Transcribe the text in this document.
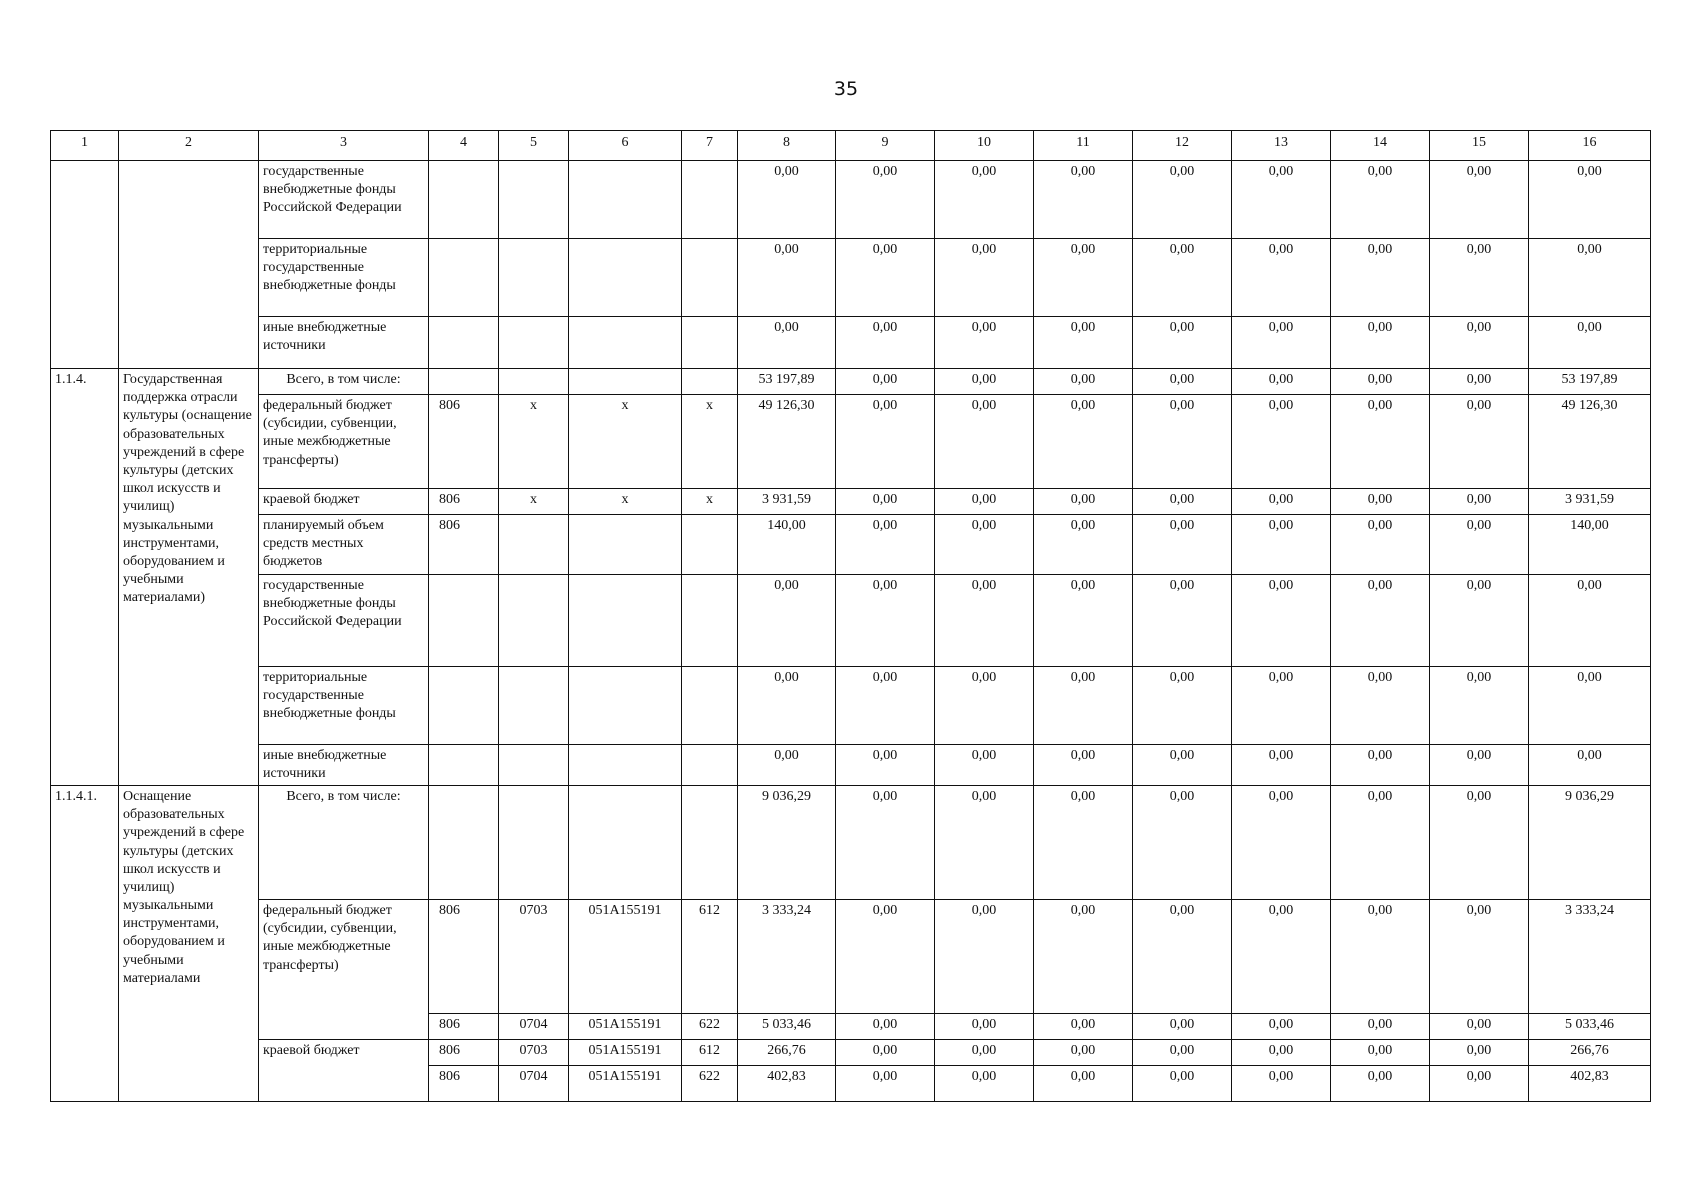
35
1	2	3	4	5	6	7	8	9	10	11	12	13	14	15	16
		государственные внебюджетные фонды Российской Федерации					0,00	0,00	0,00	0,00	0,00	0,00	0,00	0,00	0,00
		территориальные государственные внебюджетные фонды					0,00	0,00	0,00	0,00	0,00	0,00	0,00	0,00	0,00
		иные внебюджетные источники					0,00	0,00	0,00	0,00	0,00	0,00	0,00	0,00	0,00
1.1.4.	Государственная поддержка отрасли культуры (оснащение образовательных учреждений в сфере культуры (детских школ искусств и училищ) музыкальными инструментами, оборудованием и учебными материалами)	Всего, в том числе:					53 197,89	0,00	0,00	0,00	0,00	0,00	0,00	0,00	53 197,89
		федеральный бюджет (субсидии, субвенции, иные межбюджетные трансферты)	806	х	х	х	49 126,30	0,00	0,00	0,00	0,00	0,00	0,00	0,00	49 126,30
		краевой бюджет	806	х	х	х	3 931,59	0,00	0,00	0,00	0,00	0,00	0,00	0,00	3 931,59
		планируемый объем средств местных бюджетов	806				140,00	0,00	0,00	0,00	0,00	0,00	0,00	0,00	140,00
		государственные внебюджетные фонды Российской Федерации					0,00	0,00	0,00	0,00	0,00	0,00	0,00	0,00	0,00
		территориальные государственные внебюджетные фонды					0,00	0,00	0,00	0,00	0,00	0,00	0,00	0,00	0,00
		иные внебюджетные источники					0,00	0,00	0,00	0,00	0,00	0,00	0,00	0,00	0,00
1.1.4.1.	Оснащение образовательных учреждений в сфере культуры (детских школ искусств и училищ) музыкальными инструментами, оборудованием и учебными материалами	Всего, в том числе:					9 036,29	0,00	0,00	0,00	0,00	0,00	0,00	0,00	9 036,29
		федеральный бюджет (субсидии, субвенции, иные межбюджетные трансферты)	806	0703	051A155191	612	3 333,24	0,00	0,00	0,00	0,00	0,00	0,00	0,00	3 333,24
			806	0704	051A155191	622	5 033,46	0,00	0,00	0,00	0,00	0,00	0,00	0,00	5 033,46
		краевой бюджет	806	0703	051A155191	612	266,76	0,00	0,00	0,00	0,00	0,00	0,00	0,00	266,76
			806	0704	051A155191	622	402,83	0,00	0,00	0,00	0,00	0,00	0,00	0,00	402,83
